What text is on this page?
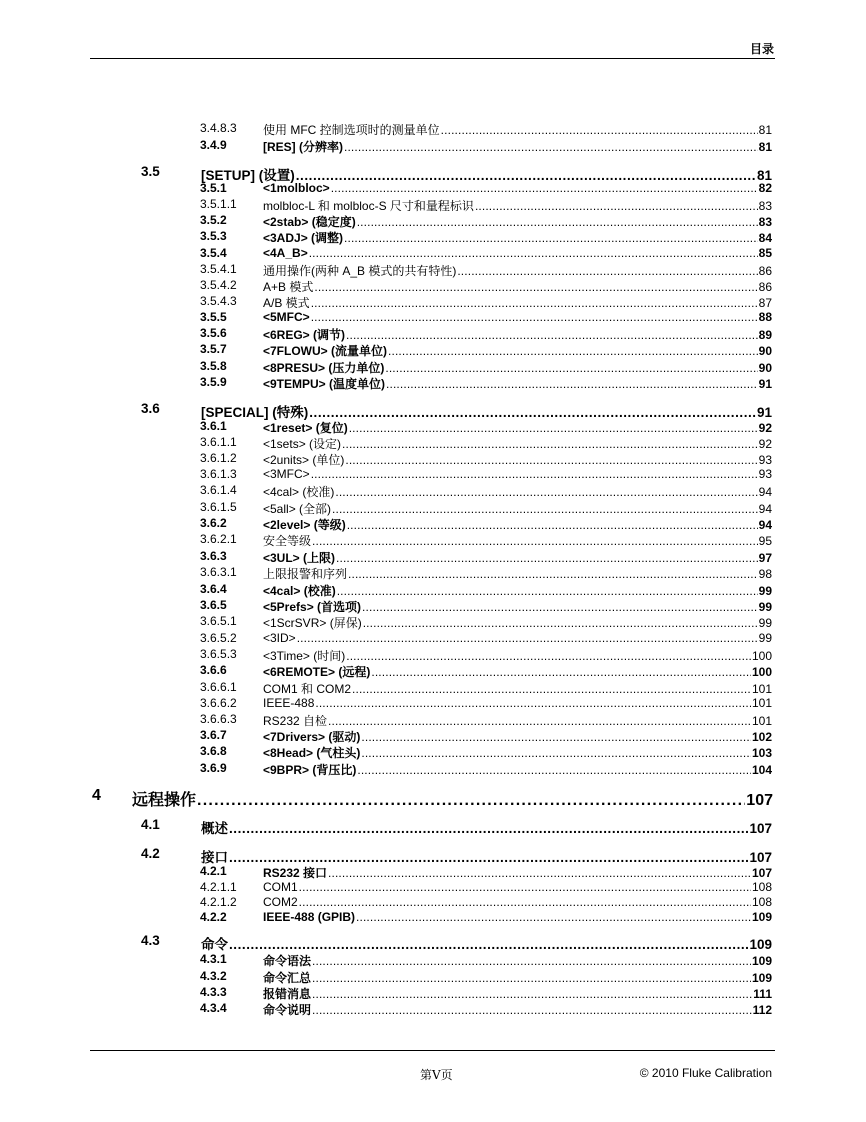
目录
3.4.8.3 使用 MFC 控制选项时的测量单位 . . .	81
3.4.9	[RES] (分辨率) . . .	81
3.5	[SETUP] (设置) . . .	81
3.5.1	<1molbloc> . . .	82
3.5.1.1 molbloc-L 和 molbloc-S 尺寸和量程标识 . . .	83
3.5.2	<2stab> (稳定度) . . .	83
3.5.3	<3ADJ> (调整) . . .	84
3.5.4	<4A_B> . . .	85
3.5.4.1 通用操作(两种 A_B 模式的共有特性) . . .	86
3.5.4.2 A+B 模式 . . .	86
3.5.4.3 A/B 模式 . . .	87
3.5.5	<5MFC> . . .	88
3.5.6	<6REG> (调节) . . .	89
3.5.7	<7FLOWU> (流量单位) . . .	90
3.5.8	<8PRESU> (压力单位) . . .	90
3.5.9	<9TEMPU> (温度单位) . . .	91
3.6	[SPECIAL] (特殊) . . .	91
3.6.1	<1reset> (复位) . . .	92
3.6.1.1 <1sets> (设定) . . .	92
3.6.1.2 <2units> (单位) . . .	93
3.6.1.3 <3MFC> . . .	93
3.6.1.4 <4cal> (校准) . . .	94
3.6.1.5 <5all> (全部) . . .	94
3.6.2	<2level> (等级) . . .	94
3.6.2.1 安全等级 . . .	95
3.6.3	<3UL> (上限) . . .	97
3.6.3.1 上限报警和序列 . . .	98
3.6.4	<4cal> (校准) . . .	99
3.6.5	<5Prefs> (首选项) . . .	99
3.6.5.1 <1ScrSVR> (屏保) . . .	99
3.6.5.2 <3ID> . . .	99
3.6.5.3 <3Time> (时间) . . .	100
3.6.6	<6REMOTE> (远程) . . .	100
3.6.6.1 COM1 和 COM2 . . .	101
3.6.6.2 IEEE-488 . . .	101
3.6.6.3 RS232 自检 . . .	101
3.6.7	<7Drivers> (驱动) . . .	102
3.6.8	<8Head> (气柱头) . . .	103
3.6.9	<9BPR> (背压比) . . .	104
4 远程操作 . . .	107
4.1	概述 . . .	107
4.2	接口 . . .	107
4.2.1	RS232 接口 . . .	107
4.2.1.1 COM1 . . .	108
4.2.1.2 COM2 . . .	108
4.2.2	IEEE-488 (GPIB) . . .	109
4.3	命令 . . .	109
4.3.1	命令语法 . . .	109
4.3.2	命令汇总 . . .	109
4.3.3	报错消息 . . .	111
4.3.4	命令说明 . . .	112
第V页	© 2010 Fluke Calibration
